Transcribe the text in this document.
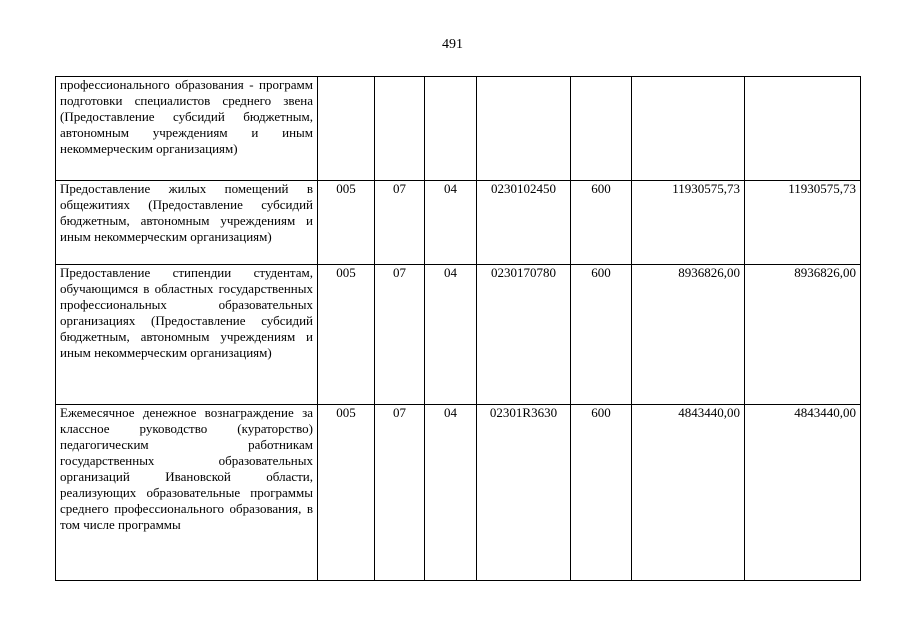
491
профессионального образования - программ подготовки специалистов среднего звена (Предоставление субсидий бюджетным, автономным учреждениям и иным некоммерческим организациям)							
Предоставление жилых помещений в общежитиях (Предоставление субсидий бюджетным, автономным учреждениям и иным некоммерческим организациям)	005	07	04	0230102450	600	11930575,73	11930575,73
Предоставление стипендии студентам, обучающимся в областных государственных профессиональных образовательных организациях (Предоставление субсидий бюджетным, автономным учреждениям и иным некоммерческим организациям)	005	07	04	0230170780	600	8936826,00	8936826,00
Ежемесячное денежное вознаграждение за классное руководство (кураторство) педагогическим работникам государственных образовательных организаций Ивановской области, реализующих образовательные программы среднего профессионального образования, в том числе программы	005	07	04	02301R3630	600	4843440,00	4843440,00
